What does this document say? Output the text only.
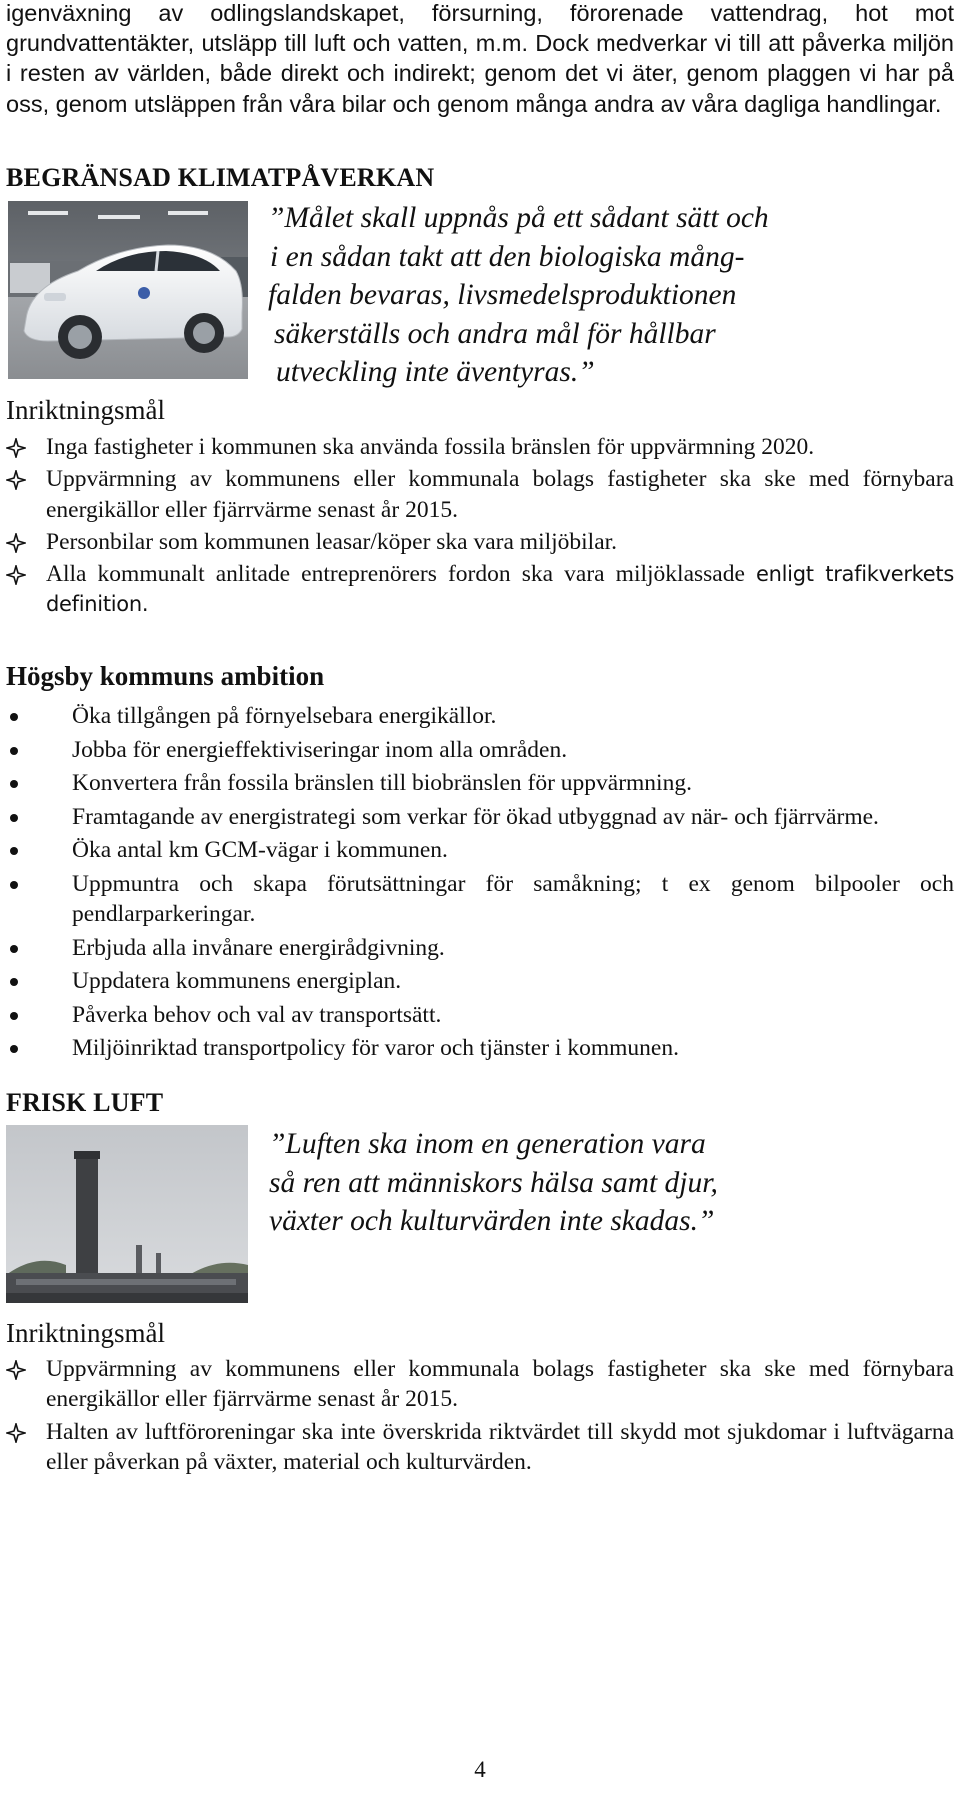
igenväxning av odlingslandskapet, försurning, förorenade vattendrag, hot mot grundvattentäkter, utsläpp till luft och vatten, m.m. Dock medverkar vi till att påverka miljön i resten av världen, både direkt och indirekt; genom det vi äter, genom plaggen vi har på oss, genom utsläppen från våra bilar och genom många andra av våra dagliga handlingar.
BEGRÄNSAD KLIMATPÅVERKAN
”Målet skall uppnås på ett sådant sätt och
i en sådan takt att den biologiska mång-
falden bevaras, livsmedelsproduktionen
säkerställs och andra mål för hållbar
utveckling inte äventyras.”
Inriktningsmål
Inga fastigheter i kommunen ska använda fossila bränslen för uppvärmning 2020.
Uppvärmning av kommunens eller kommunala bolags fastigheter ska ske med förnybara energikällor eller fjärrvärme senast år 2015.
Personbilar som kommunen leasar/köper ska vara miljöbilar.
Alla kommunalt anlitade entreprenörers fordon ska vara miljöklassade enligt trafikverkets definition.
Högsby kommuns ambition
Öka tillgången på förnyelsebara energikällor.
Jobba för energieffektiviseringar inom alla områden.
Konvertera från fossila bränslen till biobränslen för uppvärmning.
Framtagande av energistrategi som verkar för ökad utbyggnad av när- och fjärrvärme.
Öka antal km GCM-vägar i kommunen.
Uppmuntra och skapa förutsättningar för samåkning; t ex genom bilpooler och pendlarparkeringar.
Erbjuda alla invånare energirådgivning.
Uppdatera kommunens energiplan.
Påverka behov och val av transportsätt.
Miljöinriktad transportpolicy för varor och tjänster i kommunen.
FRISK LUFT
”Luften ska inom en generation vara
så ren att människors hälsa samt djur,
växter och kulturvärden inte skadas.”
Inriktningsmål
Uppvärmning av kommunens eller kommunala bolags fastigheter ska ske med förnybara energikällor eller fjärrvärme senast år 2015.
Halten av luftföroreningar ska inte överskrida riktvärdet till skydd mot sjukdomar i luftvägarna eller påverkan på växter, material och kulturvärden.
4
